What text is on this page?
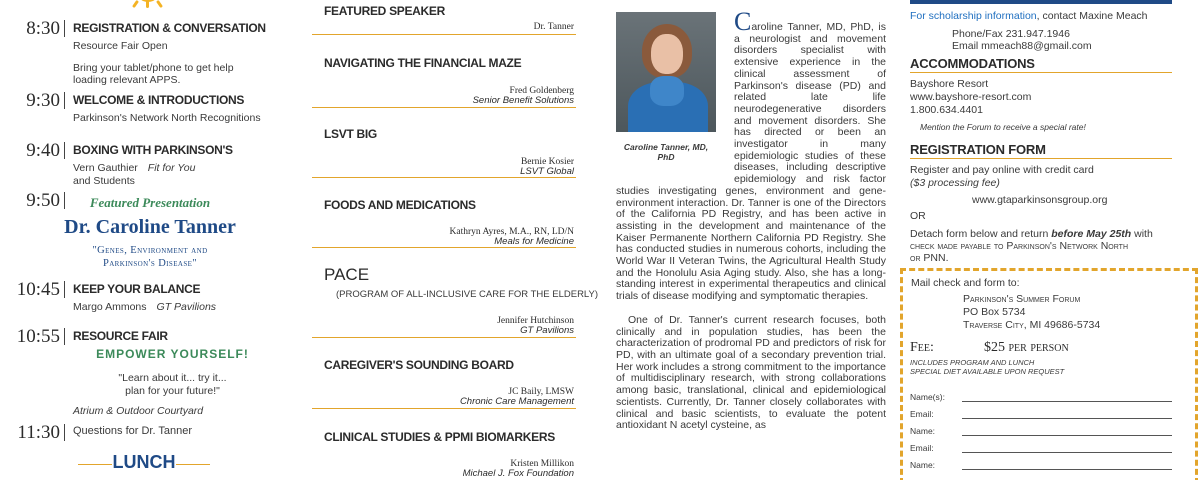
8:30 REGISTRATION & CONVERSATION
Resource Fair Open
Bring your tablet/phone to get help
loading relevant APPS.
9:30 WELCOME & INTRODUCTIONS
Parkinson's Network North Recognitions
9:40 BOXING WITH PARKINSON'S
Vern Gauthier Fit for You
and Students
9:50	Featured Presentation
Dr. Caroline Tanner
"Genes, Environment and
Parkinson's Disease"
10:45 KEEP YOUR BALANCE
Margo Ammons GT Pavilions
10:55 RESOURCE FAIR
EMPOWER YOURSELF!
"Learn about it... try it...
plan for your future!"
Atrium & Outdoor Courtyard
11:30 Questions for Dr. Tanner
LUNCH
FEATURED SPEAKER
Dr. Tanner
NAVIGATING THE FINANCIAL MAZE
Fred Goldenberg
Senior Benefit Solutions
LSVT BIG
Bernie Kosier
LSVT Global
FOODS AND MEDICATIONS
Kathryn Ayres, M.A., RN, LD/N
Meals for Medicine
PACE
(PROGRAM OF ALL-INCLUSIVE CARE FOR THE ELDERLY)
Jennifer Hutchinson
GT Pavilions
CAREGIVER'S SOUNDING BOARD
JC Baily, LMSW
Chronic Care Management
CLINICAL STUDIES & PPMI BIOMARKERS
Kristen Millikon
Michael J. Fox Foundation

Caroline Tanner, MD, PhD, is a neurologist and movement disorders specialist with extensive experience in the clinical assessment of Parkinson's disease (PD) and related late life neurodegenerative disorders and movement disorders. She has directed or been an investigator in many epidemiologic studies of these diseases, including descriptive epidemiology and risk factor studies investigating genes, environment and gene-environment interaction. Dr. Tanner is one of the Directors of the California PD Registry, and has been active in assisting in the development and maintenance of the Kaiser Permanente Northern California PD Registry. She has conducted studies in numerous cohorts, including the World War II Veteran Twins, the Agricultural Health Study and the Honolulu Asia Aging study. Also, she has a long-standing interest in experimental therapeutics and clinical trials of disease modifying and symptomatic therapies.

One of Dr. Tanner's current research focuses, both clinically and in population studies, has been the characterization of prodromal PD and predictors of risk for PD, with an ultimate goal of a secondary prevention trial. Her work includes a strong commitment to the importance of multidisciplinary research, with strong collaborations among basic, translational, clinical and epidemiological scientists. Currently, Dr. Tanner closely collaborates with clinical and basic scientists, to evaluate the potent antioxidant N acetyl cysteine, as

Caroline Tanner, MD, PhD
For scholarship information, contact Maxine Meach
Phone/Fax 231.947.1946
Email mmeach88@gmail.com
ACCOMMODATIONS
Bayshore Resort
www.bayshore-resort.com
1.800.634.4401
Mention the Forum to receive a special rate!
REGISTRATION FORM
Register and pay online with credit card
($3 processing fee)
www.gtaparkinsonsgroup.org
OR
Detach form below and return before May 25th with
check made payable to Parkinson's Network North
or PNN.
Mail check and form to:
Parkinson's Summer Forum
PO Box 5734
Traverse City, MI 49686-5734
Fee:	$25 per person
INCLUDES PROGRAM AND LUNCH
SPECIAL DIET AVAILABLE UPON REQUEST
Name(s):
Email:
Name:
Email:
Name:
